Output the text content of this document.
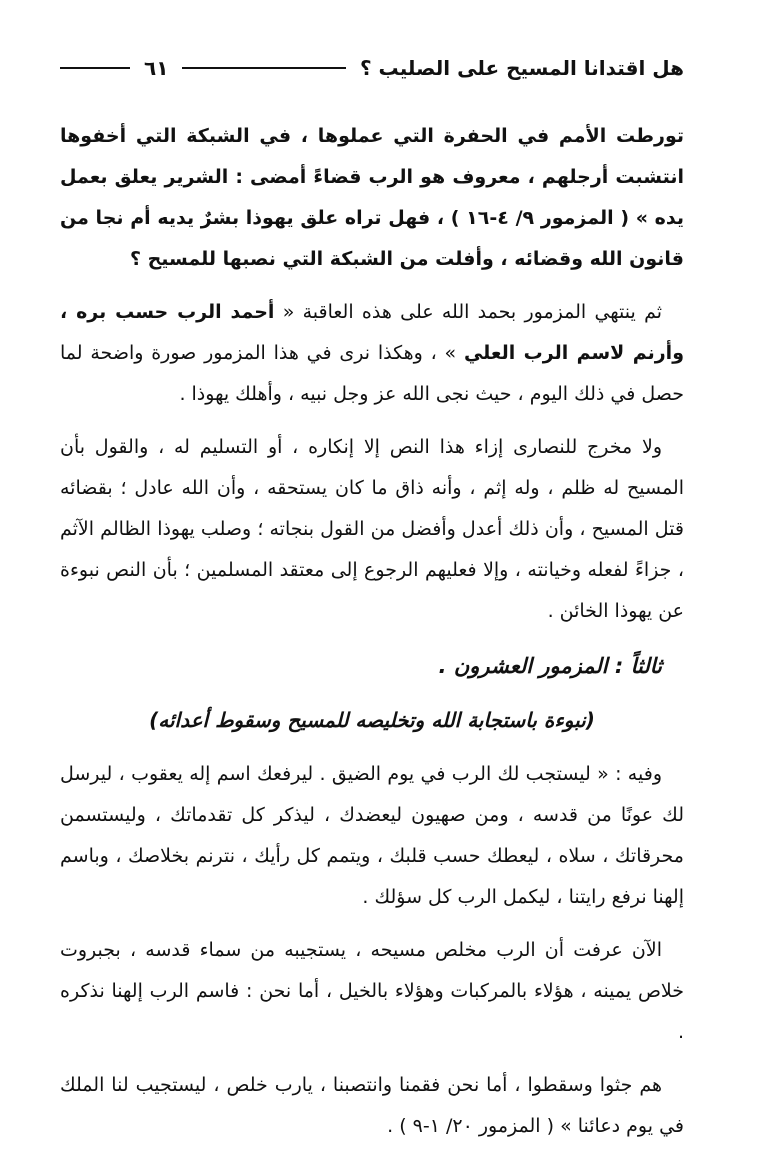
هل اقتدانا المسيح على الصليب ؟
٦١

تورطت الأمم في الحفرة التي عملوها ، في الشبكة التي أخفوها انتشبت أرجلهم ، معروف هو الرب قضاءً أمضى : الشرير يعلق بعمل يده » ( المزمور ٩/ ٤-١٦ ) ، فهل تراه علق يهوذا بشرٌ يديه أم نجا من قانون الله وقضائه ، وأفلت من الشبكة التي نصبها للمسيح ؟

ثم ينتهي المزمور بحمد الله على هذه العاقبة « أحمد الرب حسب بره ، وأرنم لاسم الرب العلي » ، وهكذا نرى في هذا المزمور صورة واضحة لما حصل في ذلك اليوم ، حيث نجى الله عز وجل نبيه ، وأهلك يهوذا .

ولا مخرج للنصارى إزاء هذا النص إلا إنكاره ، أو التسليم له ، والقول بأن المسيح له ظلم ، وله إثم ، وأنه ذاق ما كان يستحقه ، وأن الله عادل ؛ بقضائه قتل المسيح ، وأن ذلك أعدل وأفضل من القول بنجاته ؛ وصلب يهوذا الظالم الآثم ، جزاءً لفعله وخيانته ، وإلا فعليهم الرجوع إلى معتقد المسلمين ؛ بأن النص نبوءة عن يهوذا الخائن .

ثالثاً : المزمور العشرون .
(نبوءة باستجابة الله وتخليصه للمسيح وسقوط أعدائه)

وفيه : « ليستجب لك الرب في يوم الضيق . ليرفعك اسم إله يعقوب ، ليرسل لك عونًا من قدسه ، ومن صهيون ليعضدك ، ليذكر كل تقدماتك ، وليستسمن محرقاتك ، سلاه ، ليعطك حسب قلبك ، ويتمم كل رأيك ، نترنم بخلاصك ، وباسم إلهنا نرفع رايتنا ، ليكمل الرب كل سؤلك .

الآن عرفت أن الرب مخلص مسيحه ، يستجيبه من سماء قدسه ، بجبروت خلاص يمينه ، هؤلاء بالمركبات وهؤلاء بالخيل ، أما نحن : فاسم الرب إلهنا نذكره .

هم جثوا وسقطوا ، أما نحن فقمنا وانتصبنا ، يارب خلص ، ليستجيب لنا الملك في يوم دعائنا » ( المزمور ٢٠/ ١-٩ ) .
